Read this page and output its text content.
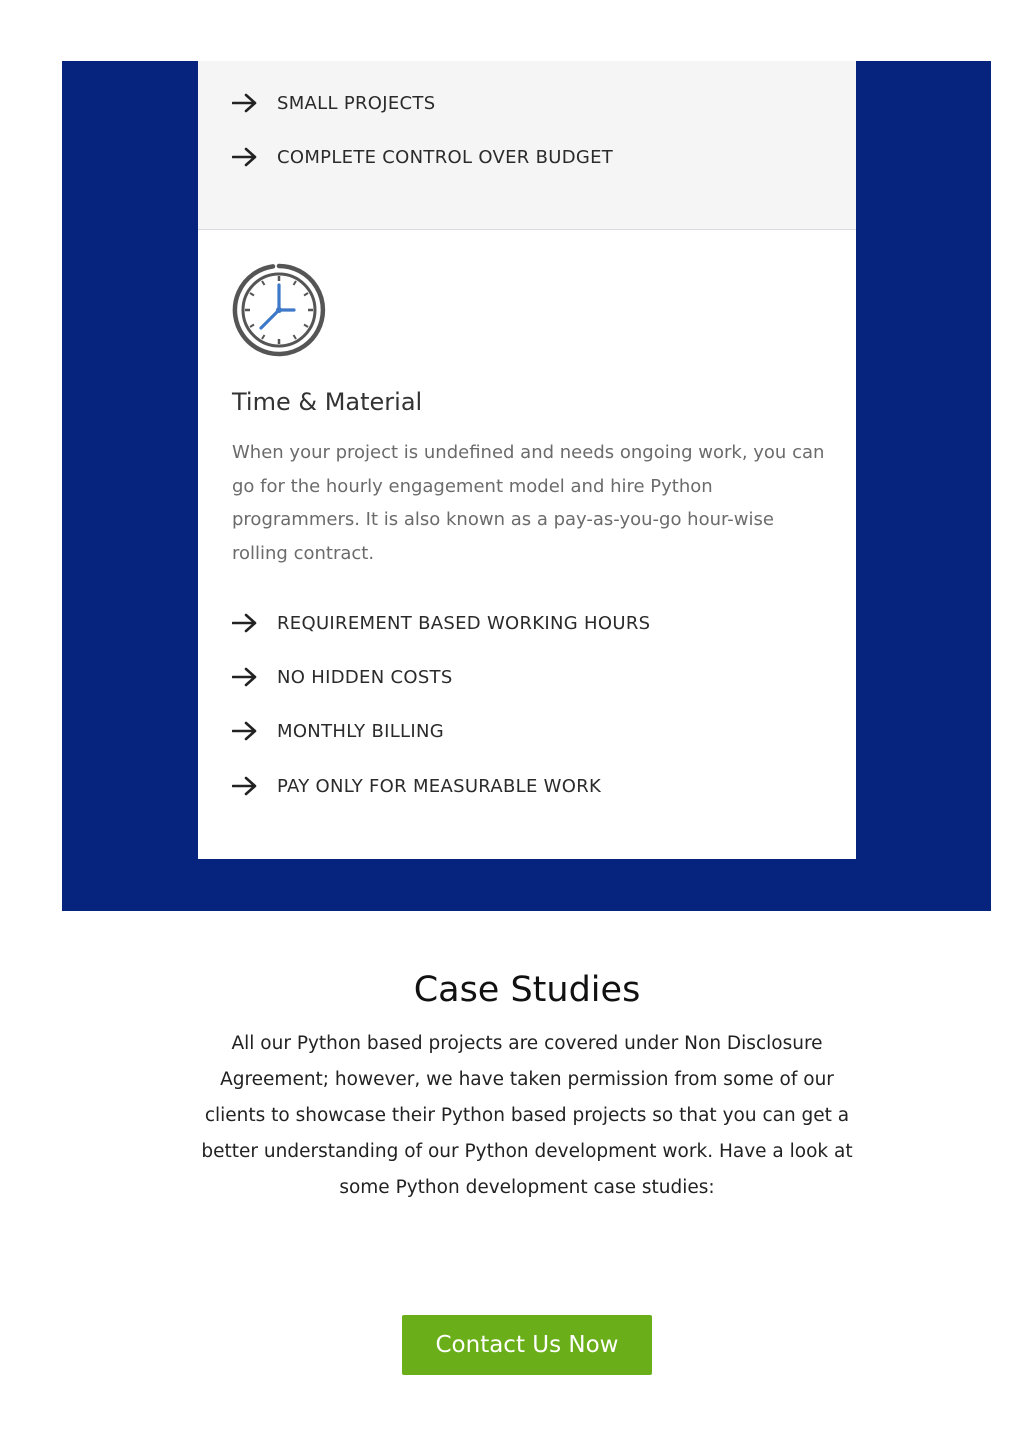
SMALL PROJECTS
COMPLETE CONTROL OVER BUDGET
Time & Material

When your project is undefined and needs ongoing work, you can go for the hourly engagement model and hire Python programmers. It is also known as a pay-as-you-go hour-wise rolling contract.

REQUIREMENT BASED WORKING HOURS
NO HIDDEN COSTS
MONTHLY BILLING
PAY ONLY FOR MEASURABLE WORK
Case Studies

All our Python based projects are covered under Non Disclosure Agreement; however, we have taken permission from some of our clients to showcase their Python based projects so that you can get a better understanding of our Python development work. Have a look at some Python development case studies:

Contact Us Now
